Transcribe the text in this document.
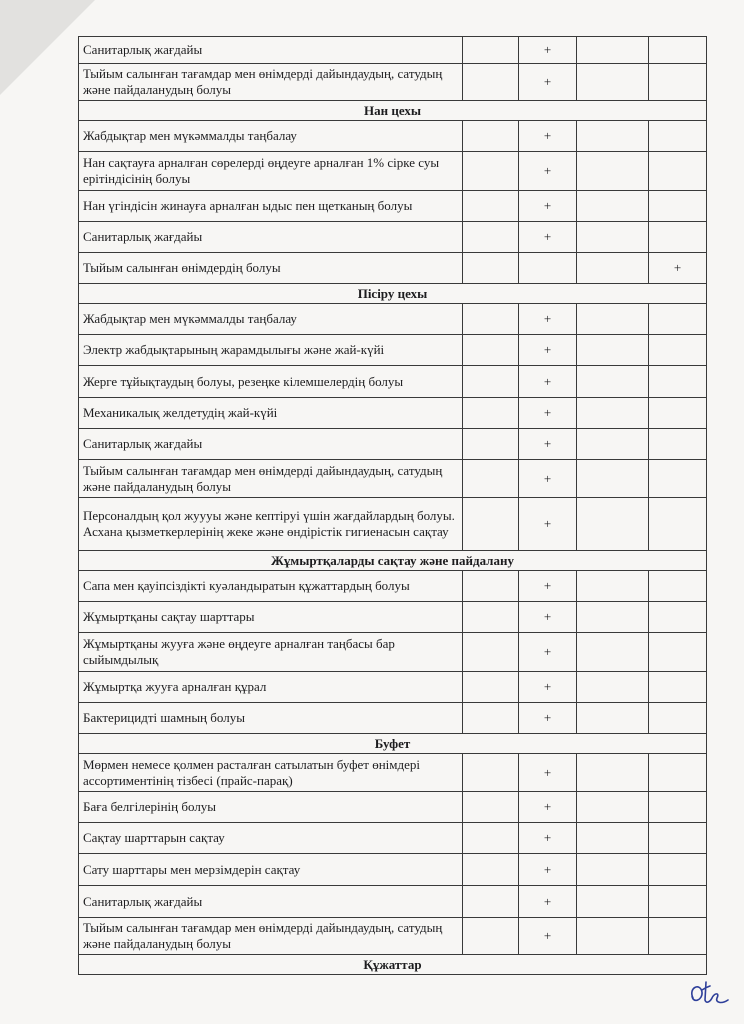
Санитарлық жағдайы		+		
Тыйым салынған тағамдар мен өнімдерді дайындаудың, сатудың және пайдаланудың болуы		+		
Нан цехы				
Жабдықтар мен мүкәммалды таңбалау		+		
Нан сақтауға арналған сөрелерді өңдеуге арналған 1% сірке суы ерітіндісінің болуы		+		
Нан үгіндісін жинауға арналған ыдыс пен щетканың болуы		+		
Санитарлық жағдайы		+		
Тыйым салынған өнімдердің болуы				+
Пісіру цехы				
Жабдықтар мен мүкәммалды таңбалау		+		
Электр жабдықтарының жарамдылығы және жай-күйі		+		
Жерге тұйықтаудың болуы, резеңке кілемшелердің болуы		+		
Механикалық желдетудің жай-күйі		+		
Санитарлық жағдайы		+		
Тыйым салынған тағамдар мен өнімдерді дайындаудың, сатудың және пайдаланудың болуы		+		
Персоналдың қол жуууы және кептіруі үшін жағдайлардың болуы. Асхана қызметкерлерінің жеке және өндірістік гигиенасын сақтау		+		
Жұмыртқаларды сақтау және пайдалану				
Сапа мен қауіпсіздікті куәландыратын құжаттардың болуы		+		
Жұмыртқаны сақтау шарттары		+		
Жұмыртқаны жууға және өңдеуге арналған таңбасы бар сыйымдылық		+		
Жұмыртқа жууға арналған құрал		+		
Бактерицидті шамның болуы		+		
Буфет				
Мөрмен немесе қолмен расталған сатылатын буфет өнімдері ассортиментінің тізбесі (прайс-парақ)		+		
Баға белгілерінің болуы		+		
Сақтау шарттарын сақтау		+		
Сату шарттары мен мерзімдерін сақтау		+		
Санитарлық жағдайы		+		
Тыйым салынған тағамдар мен өнімдерді дайындаудың, сатудың және пайдаланудың болуы		+		
Құжаттар				
